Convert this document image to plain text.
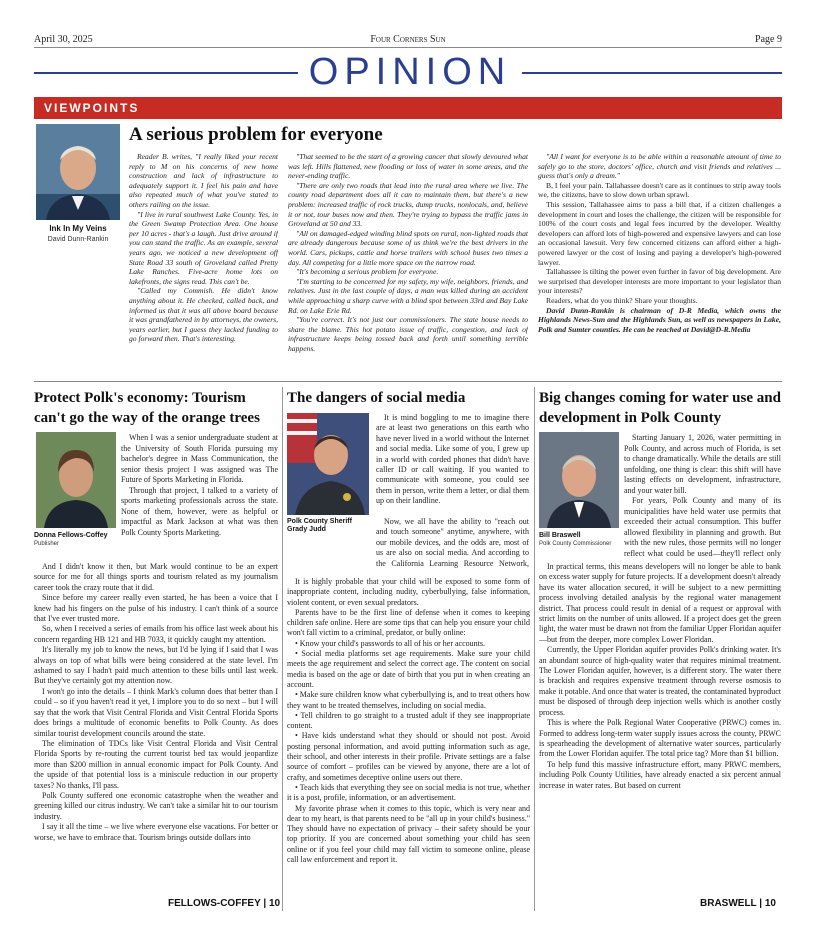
April 30, 2025	Four Corners Sun	Page 9
OPINION
VIEWPOINTS
Ink In My Veins
David Dunn-Rankin
A serious problem for everyone

Reader B. writes, "I really liked your recent reply to M on his concerns of new home construction and lack of infrastructure to adequately support it. I feel his pain and have also repeated much of what you've stated to others railing on the issue.

"I live in rural southwest Lake County. Yes, in the Green Swamp Protection Area. One house per 10 acres - that's a laugh. Just drive around if you can stand the traffic. As an example, several years ago, we noticed a new development off State Road 33 south of Groveland called Pretty Lake Ranches. Five-acre home lots on lakefronts, the signs read. This can't be.

"Called my Commish. He didn't know anything about it. He checked, called back, and informed us that it was all above board because it was grandfathered in by attorneys, the owners, years earlier, but I guess they lacked funding to go forward then. That's interesting.

"That seemed to be the start of a growing cancer that slowly devoured what was left. Hills flattened, new flooding or loss of water in some areas, and the never-ending traffic.

"There are only two roads that lead into the rural area where we live. The county road department does all it can to maintain them, but there's a new problem: increased traffic of rock trucks, dump trucks, nonlocals, and, believe it or not, tour buses now and then. They're trying to bypass the traffic jams in Groveland at 50 and 33.

"All on damaged-edged winding blind spots on rural, non-lighted roads that are already dangerous because some of us think we're the best drivers in the world. Cars, pickups, cattle and horse trailers with school buses two times a day. All competing for a little more space on the narrow road.

"It's becoming a serious problem for everyone.

"I'm starting to be concerned for my safety, my wife, neighbors, friends, and relatives. Just in the last couple of days, a man was killed during an accident while approaching a sharp curve with a blind spot between 33rd and Bay Lake Rd. on Lake Erie Rd.

"You're correct. It's not just our commissioners. The state house needs to share the blame. This hot potato issue of traffic, congestion, and lack of infrastructure keeps being tossed back and forth until something terrible happens.

"All I want for everyone is to be able within a reasonable amount of time to safely go to the store, doctors' office, church and visit friends and relatives ... guess that's only a dream."

B, I feel your pain. Tallahassee doesn't care as it continues to strip away tools we, the citizens, have to slow down urban sprawl.

This session, Tallahassee aims to pass a bill that, if a citizen challenges a development in court and loses the challenge, the citizen will be responsible for 100% of the court costs and legal fees incurred by the developer. Wealthy developers can afford lots of high-powered and expensive lawyers and can lose an occasional lawsuit. Very few concerned citizens can afford either a high-powered lawyer or the cost of losing and paying a developer's high-powered lawyer.

Tallahassee is tilting the power even further in favor of big development. Are we surprised that developer interests are more important to your legislator than your interests?

Readers, what do you think? Share your thoughts.

David Dunn-Rankin is chairman of D-R Media, which owns the Highlands News-Sun and the Highlands Sun, as well as newspapers in Lake, Polk and Sumter counties. He can be reached at David@D-R.Media

Protect Polk's economy: Tourism can't go the way of the orange trees
Donna Fellows-Coffey
Publisher

When I was a senior undergraduate student at the University of South Florida pursuing my bachelor's degree in Mass Communication, the senior thesis project I was assigned was The Future of Sports Marketing in Florida.

Through that project, I talked to a variety of sports marketing professionals across the state. None of them, however, were as helpful or impactful as Mark Jackson at what was then Polk County Sports Marketing.

And I didn't know it then, but Mark would continue to be an expert source for me for all things sports and tourism related as my journalism career took the crazy route that it did.

Since before my career really even started, he has been a voice that I knew had his fingers on the pulse of his industry. I can't think of a source that I've ever trusted more.

So, when I received a series of emails from his office last week about his concern regarding HB 121 and HB 7033, it quickly caught my attention.

It's literally my job to know the news, but I'd be lying if I said that I was always on top of what bills were being considered at the state level. I'm ashamed to say I hadn't paid much attention to these bills until last week. But they've certainly got my attention now.

I won't go into the details – I think Mark's column does that better than I could – so if you haven't read it yet, I implore you to do so next – but I will say that the work that Visit Central Florida and Visit Central Florida Sports does brings a multitude of economic benefits to Polk County. As does similar tourist development councils around the state.

The elimination of TDCs like Visit Central Florida and Visit Central Florida Sports by re-routing the current tourist bed tax would jeopardize more than $200 million in annual economic impact for Polk County. And the upside of that potential loss is a miniscule reduction in our property taxes? No thanks, I'll pass.

Polk County suffered one economic catastrophe when the weather and greening killed our citrus industry. We can't take a similar hit to our tourism industry.

I say it all the time – we live where everyone else vacations. For better or worse, we have to embrace that. Tourism brings outside dollars into

FELLOWS-COFFEY | 10
The dangers of social media
Polk County Sheriff Grady Judd

It is mind boggling to me to imagine there are at least two generations on this earth who have never lived in a world without the Internet and social media. Like some of you, I grew up in a world with corded phones that didn't have caller ID or call waiting. If you wanted to communicate with someone, you could see them in person, write them a letter, or dial them up on their landline.

Now, we all have the ability to "reach out and touch someone" anytime, anywhere, with our mobile devices, and the odds are, most of us are also on social media. And according to the California Learning Resource Network,

It is highly probable that your child will be exposed to some form of inappropriate content, including nudity, cyberbullying, false information, violent content, or even sexual predators.

Parents have to be the first line of defense when it comes to keeping children safe online. Here are some tips that can help you ensure your child won't fall victim to a criminal, predator, or bully online:

• Know your child's passwords to all of his or her accounts.

• Social media platforms set age requirements. Make sure your child meets the age requirement and select the correct age. The content on social media is based on the age or date of birth that you put in when creating an account.

• Make sure children know what cyberbullying is, and to treat others how they want to be treated themselves, including on social media.

• Tell children to go straight to a trusted adult if they see inappropriate content.

• Have kids understand what they should or should not post. Avoid posting personal information, and avoid putting information such as age, their school, and other interests in their profile. Private settings are a false source of comfort – profiles can be viewed by anyone, there are a lot of crafty, and sometimes deceptive online users out there.

• Teach kids that everything they see on social media is not true, whether it is a post, profile, information, or an advertisement.

My favorite phrase when it comes to this topic, which is very near and dear to my heart, is that parents need to be "all up in your child's business." They should have no expectation of privacy – their safety should be your top priority. If you are concerned about something your child has seen online or if you feel your child may fall victim to someone online, please call law enforcement and report it.

Big changes coming for water use and development in Polk County
Bill Braswell
Polk County Commissioner

Starting January 1, 2026, water permitting in Polk County, and across much of Florida, is set to change dramatically. While the details are still unfolding, one thing is clear: this shift will have lasting effects on development, infrastructure, and your water bill.

For years, Polk County and many of its municipalities have held water use permits that exceeded their actual consumption. This buffer allowed flexibility in planning and growth. But with the new rules, those permits will no longer reflect what could be used—they'll reflect only

In practical terms, this means developers will no longer be able to bank on excess water supply for future projects. If a development doesn't already have its water allocation secured, it will be subject to a new permitting process involving detailed analysis by the regional water management district. That process could result in denial of a request or approval with strict limits on the number of units allowed. If a project does get the green light, the water must be drawn not from the familiar Upper Floridan aquifer—but from the deeper, more complex Lower Floridan.

Currently, the Upper Floridan aquifer provides Polk's drinking water. It's an abundant source of high-quality water that requires minimal treatment. The Lower Floridan aquifer, however, is a different story. The water there is brackish and requires expensive treatment through reverse osmosis to make it potable. And once that water is treated, the contaminated byproduct must be disposed of through deep injection wells which is another costly process.

This is where the Polk Regional Water Cooperative (PRWC) comes in. Formed to address long-term water supply issues across the county, PRWC is spearheading the development of alternative water sources, particularly from the Lower Floridan aquifer. The total price tag? More than $1 billion.

To help fund this massive infrastructure effort, many PRWC members, including Polk County Utilities, have already enacted a six percent annual increase in water rates. But based on current

BRASWELL | 10
